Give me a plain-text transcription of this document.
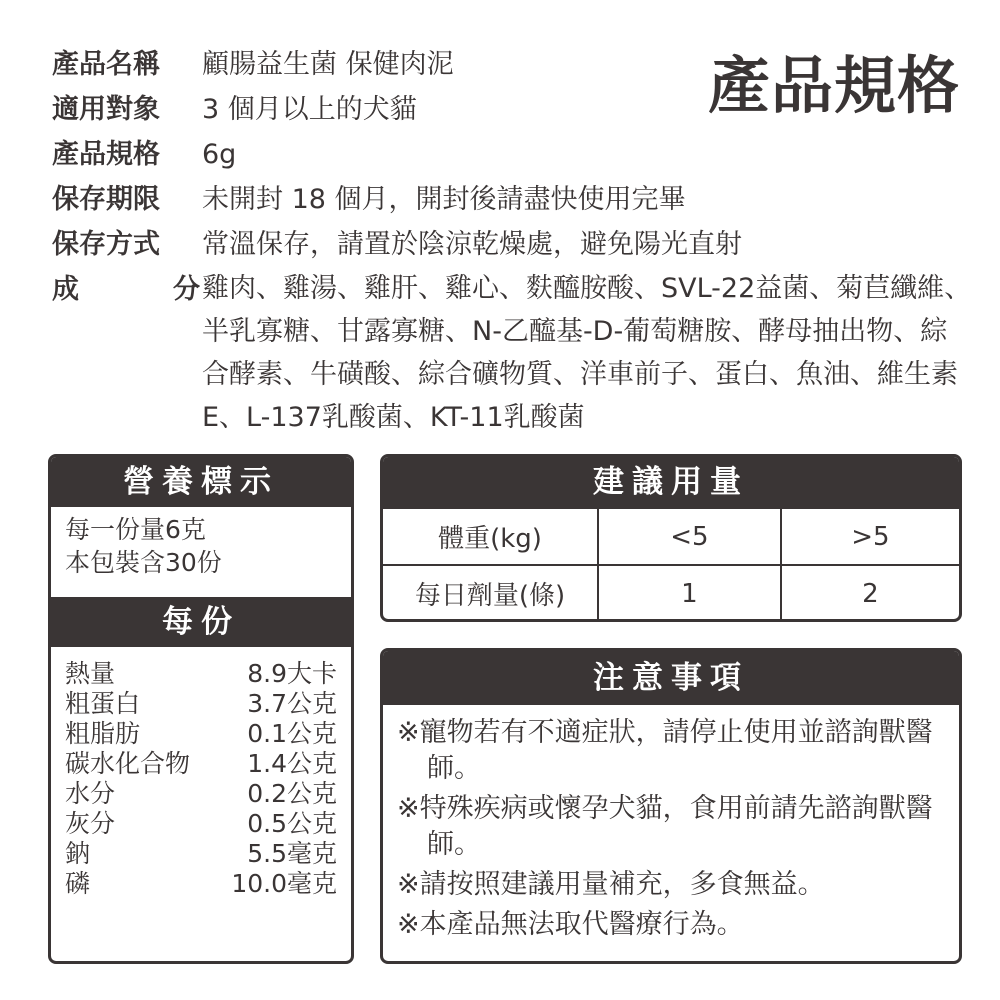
產品規格
產品名稱	顧腸益生菌 保健肉泥
適用對象	3 個月以上的犬貓
產品規格	6g
保存期限	未開封 18 個月，開封後請盡快使用完畢
保存方式	常溫保存，請置於陰涼乾燥處，避免陽光直射
成	分 雞肉、雞湯、雞肝、雞心、麩醯胺酸、SVL-22益菌、菊苣纖維、半乳寡糖、甘露寡糖、N-乙醯基-D-葡萄糖胺、酵母抽出物、綜合酵素、牛磺酸、綜合礦物質、洋車前子、蛋白、魚油、維生素E、L-137乳酸菌、KT-11乳酸菌
營養標示
每一份量6克
本包裝含30份
每份
熱量	8.9大卡
粗蛋白	3.7公克
粗脂肪	0.1公克
碳水化合物 1.4公克
水分	0.2公克
灰分	0.5公克
鈉	5.5毫克
磷	10.0毫克
建議用量
體重(kg)	<5	>5
每日劑量(條)	1	2
注意事項
※寵物若有不適症狀，請停止使用並諮詢獸醫師。
※特殊疾病或懷孕犬貓，食用前請先諮詢獸醫師。
※請按照建議用量補充，多食無益。
※本產品無法取代醫療行為。
